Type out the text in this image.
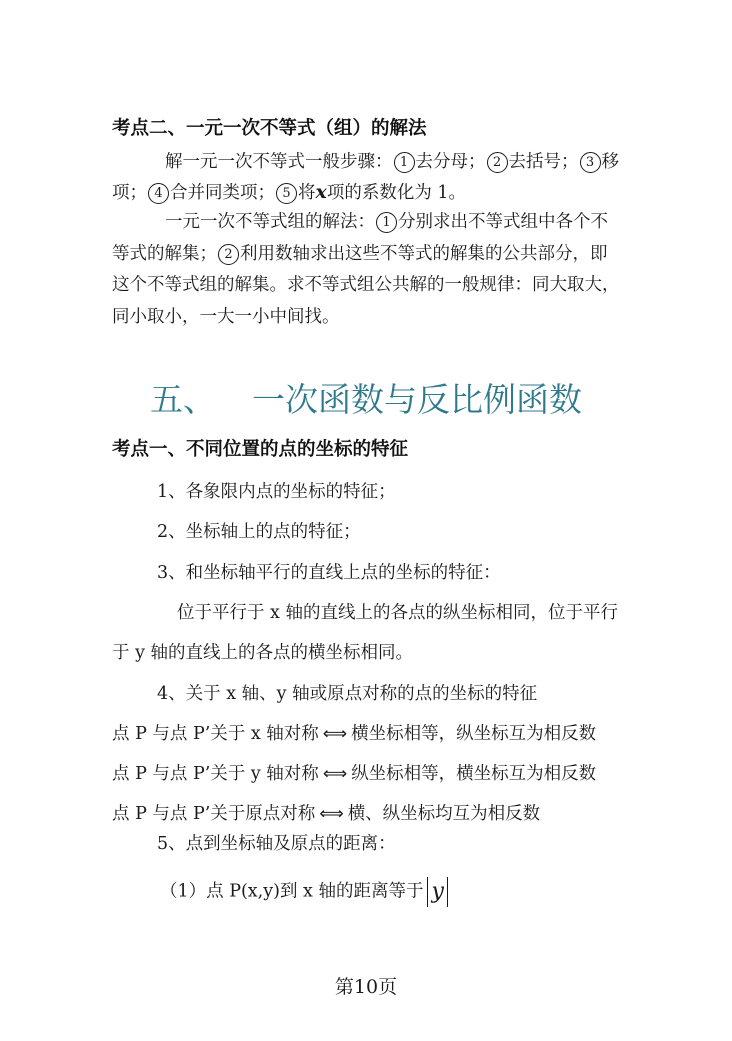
考点二、一元一次不等式（组）的解法
解一元一次不等式一般步骤： 1 去分母； 2 去括号； 3 移
项； 4 合并同类项； 5 将x项的系数化为 1。
一元一次不等式组的解法： 1 分别求出不等式组中各个不
等式的解集； 2 利用数轴求出这些不等式的解集的公共部分，即
这个不等式组的解集。求不等式组公共解的一般规律：同大取大，
同小取小，一大一小中间找。
五、 一次函数与反比例函数
考点一、不同位置的点的坐标的特征
1、各象限内点的坐标的特征；
2、坐标轴上的点的特征；
3、和坐标轴平行的直线上点的坐标的特征：
位于平行于 x 轴的直线上的各点的纵坐标相同，位于平行
于 y 轴的直线上的各点的横坐标相同。
4、关于 x 轴、y 轴或原点对称的点的坐标的特征
点 P 与点 P’关于 x 轴对称 ⟺ 横坐标相等，纵坐标互为相反数
点 P 与点 P’关于 y 轴对称 ⟺ 纵坐标相等，横坐标互为相反数
点 P 与点 P’关于原点对称 ⟺ 横、纵坐标均互为相反数
5、点到坐标轴及原点的距离：
（1）点 P(x,y)到 x 轴的距离等于 y
第10页
